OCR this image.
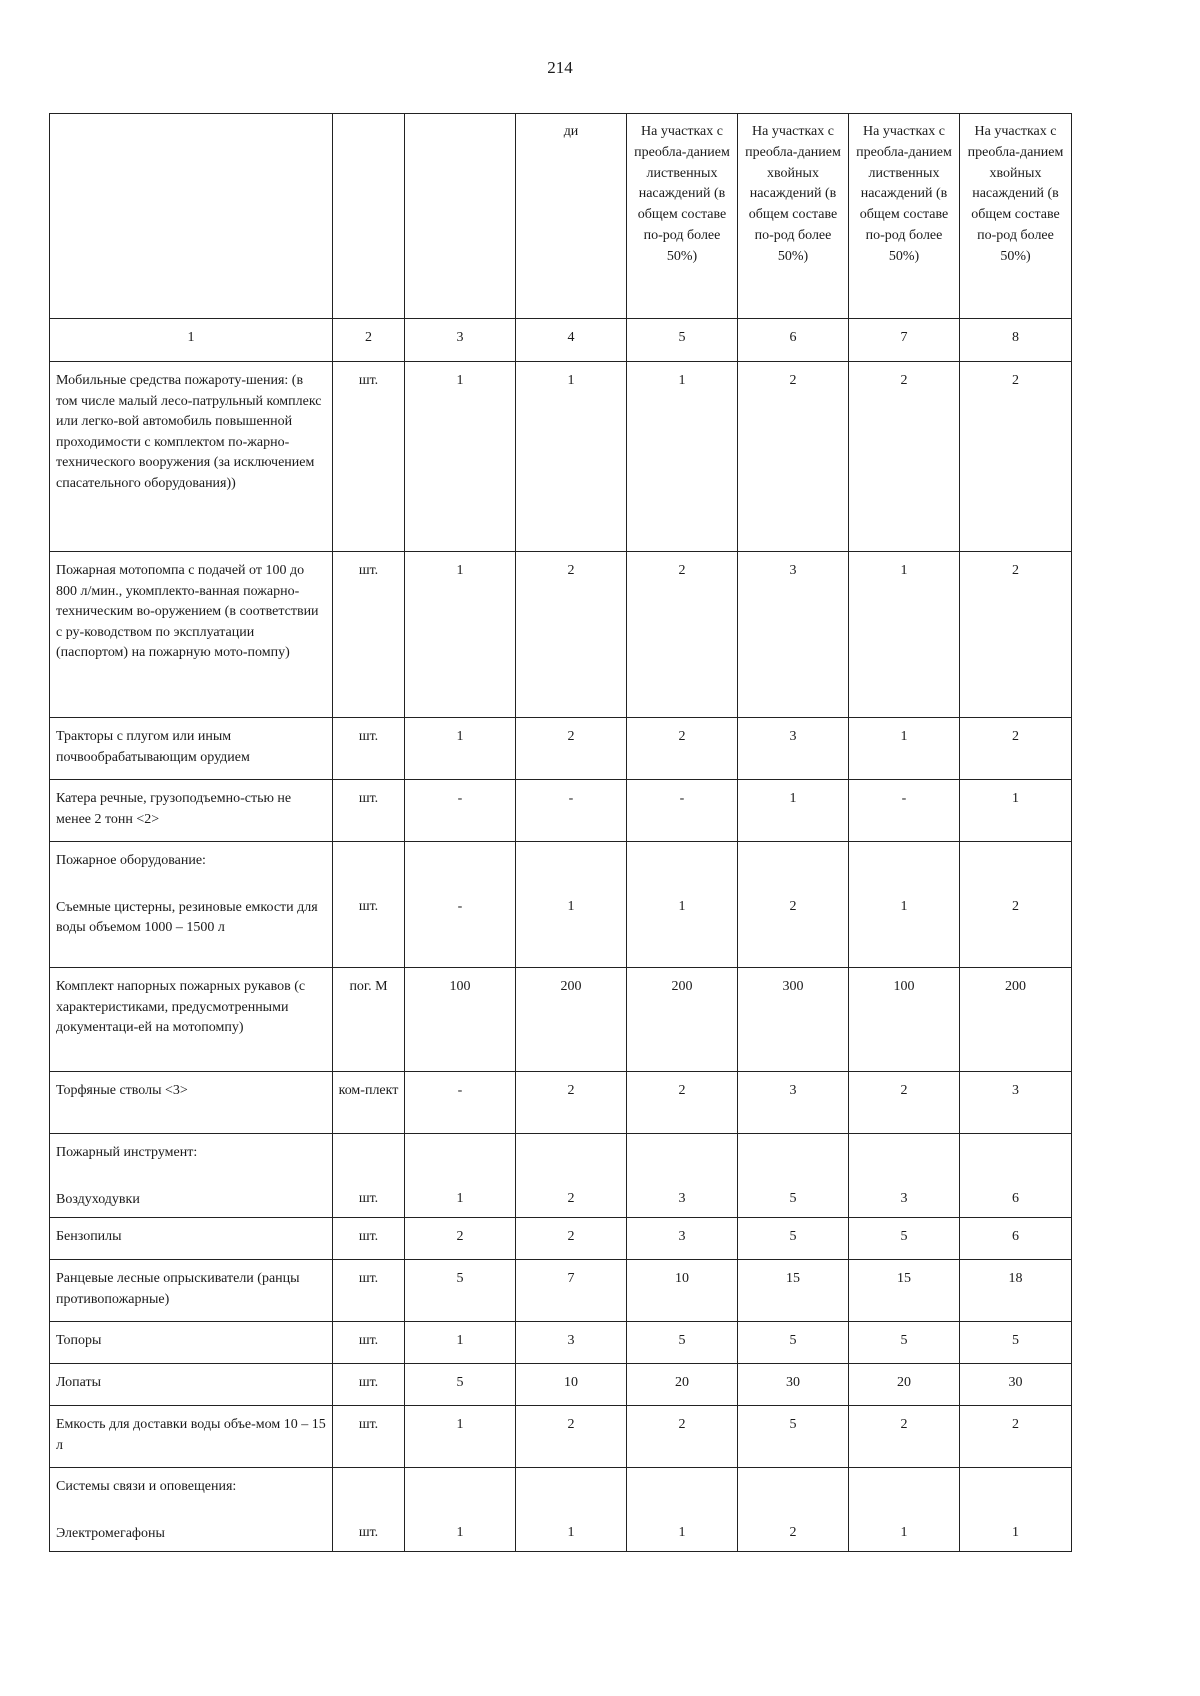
214
			ди	На участках с преобла-данием лиственных насаждений (в общем составе по-род более 50%)	На участках с преобла-данием хвойных насаждений (в общем составе по-род более 50%)	На участках с преобла-данием лиственных насаждений (в общем составе по-род более 50%)	На участках с преобла-данием хвойных насаждений (в общем составе по-род более 50%)
1	2	3	4	5	6	7	8

Мобильные средства пожароту-шения: (в том числе малый лесо-патрульный комплекс или легко-вой автомобиль повышенной проходимости с комплектом по-жарно-технического вооружения (за исключением спасательного оборудования))	шт.	1	1	1	2	2	2

Пожарная мотопомпа с подачей от 100 до 800 л/мин., укомплекто-ванная пожарно-техническим во-оружением (в соответствии с ру-ководством по эксплуатации (паспортом) на пожарную мото-помпу)	шт.	1	2	2	3	1	2

Тракторы с плугом или иным почвообрабатывающим орудием	шт.	1	2	2	3	1	2

Катера речные, грузоподъемно-стью не менее 2 тонн <2>	шт.	-	-	-	1	-	1

Пожарное оборудование:
Съемные цистерны, резиновые емкости для воды объемом 1000 – 1500 л	шт.	-	1	1	2	1	2

Комплект напорных пожарных рукавов (с характеристиками, предусмотренными документаци-ей на мотопомпу)	пог. М	100	200	200	300	100	200

Торфяные стволы <3>	ком-плект	-	2	2	3	2	3

Пожарный инструмент:
Воздуходувки	шт.	1	2	3	5	3	6

Бензопилы	шт.	2	2	3	5	5	6

Ранцевые лесные опрыскиватели (ранцы противопожарные)	шт.	5	7	10	15	15	18

Топоры	шт.	1	3	5	5	5	5

Лопаты	шт.	5	10	20	30	20	30

Емкость для доставки воды объе-мом 10 – 15 л	шт.	1	2	2	5	2	2

Системы связи и оповещения:
Электромегафоны	шт.	1	1	1	2	1	1
